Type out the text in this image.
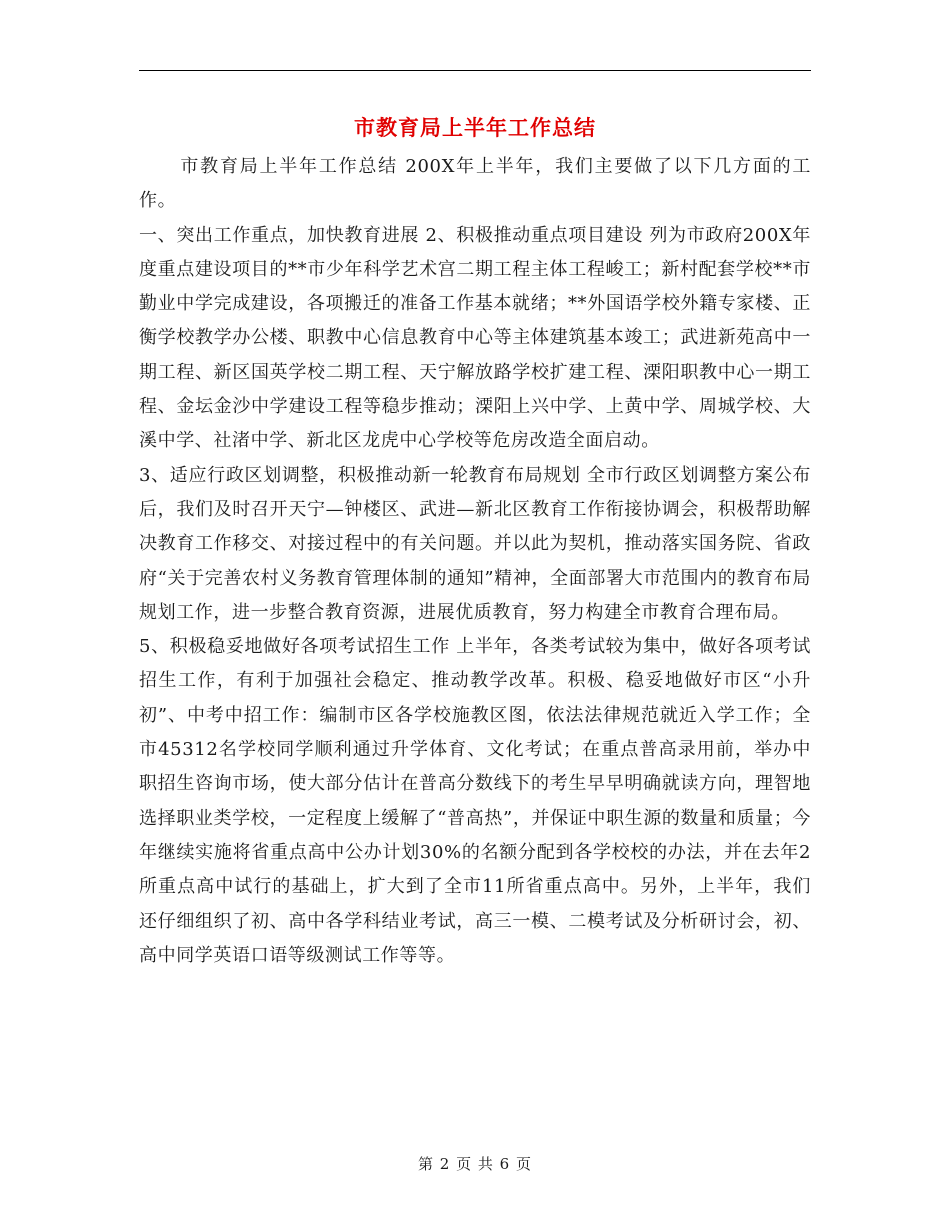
市教育局上半年工作总结

市教育局上半年工作总结 200X年上半年，我们主要做了以下几方面的工作。

一、突出工作重点，加快教育进展 2、积极推动重点项目建设 列为市政府200X年度重点建设项目的**市少年科学艺术宫二期工程主体工程峻工；新村配套学校**市勤业中学完成建设，各项搬迁的准备工作基本就绪；**外国语学校外籍专家楼、正衡学校教学办公楼、职教中心信息教育中心等主体建筑基本竣工；武进新苑高中一期工程、新区国英学校二期工程、天宁解放路学校扩建工程、溧阳职教中心一期工程、金坛金沙中学建设工程等稳步推动；溧阳上兴中学、上黄中学、周城学校、大溪中学、社渚中学、新北区龙虎中心学校等危房改造全面启动。

3、适应行政区划调整，积极推动新一轮教育布局规划 全市行政区划调整方案公布后，我们及时召开天宁—钟楼区、武进—新北区教育工作衔接协调会，积极帮助解决教育工作移交、对接过程中的有关问题。并以此为契机，推动落实国务院、省政府“关于完善农村义务教育管理体制的通知”精神，全面部署大市范围内的教育布局规划工作，进一步整合教育资源，进展优质教育，努力构建全市教育合理布局。

5、积极稳妥地做好各项考试招生工作 上半年，各类考试较为集中，做好各项考试招生工作，有利于加强社会稳定、推动教学改革。积极、稳妥地做好市区“小升初”、中考中招工作：编制市区各学校施教区图，依法法律规范就近入学工作；全市45312名学校同学顺利通过升学体育、文化考试；在重点普高录用前，举办中职招生咨询市场，使大部分估计在普高分数线下的考生早早明确就读方向，理智地选择职业类学校，一定程度上缓解了“普高热”，并保证中职生源的数量和质量；今年继续实施将省重点高中公办计划30%的名额分配到各学校校的办法，并在去年2所重点高中试行的基础上，扩大到了全市11所省重点高中。另外，上半年，我们还仔细组织了初、高中各学科结业考试，高三一模、二模考试及分析研讨会，初、高中同学英语口语等级测试工作等等。

第 2 页 共 6 页
